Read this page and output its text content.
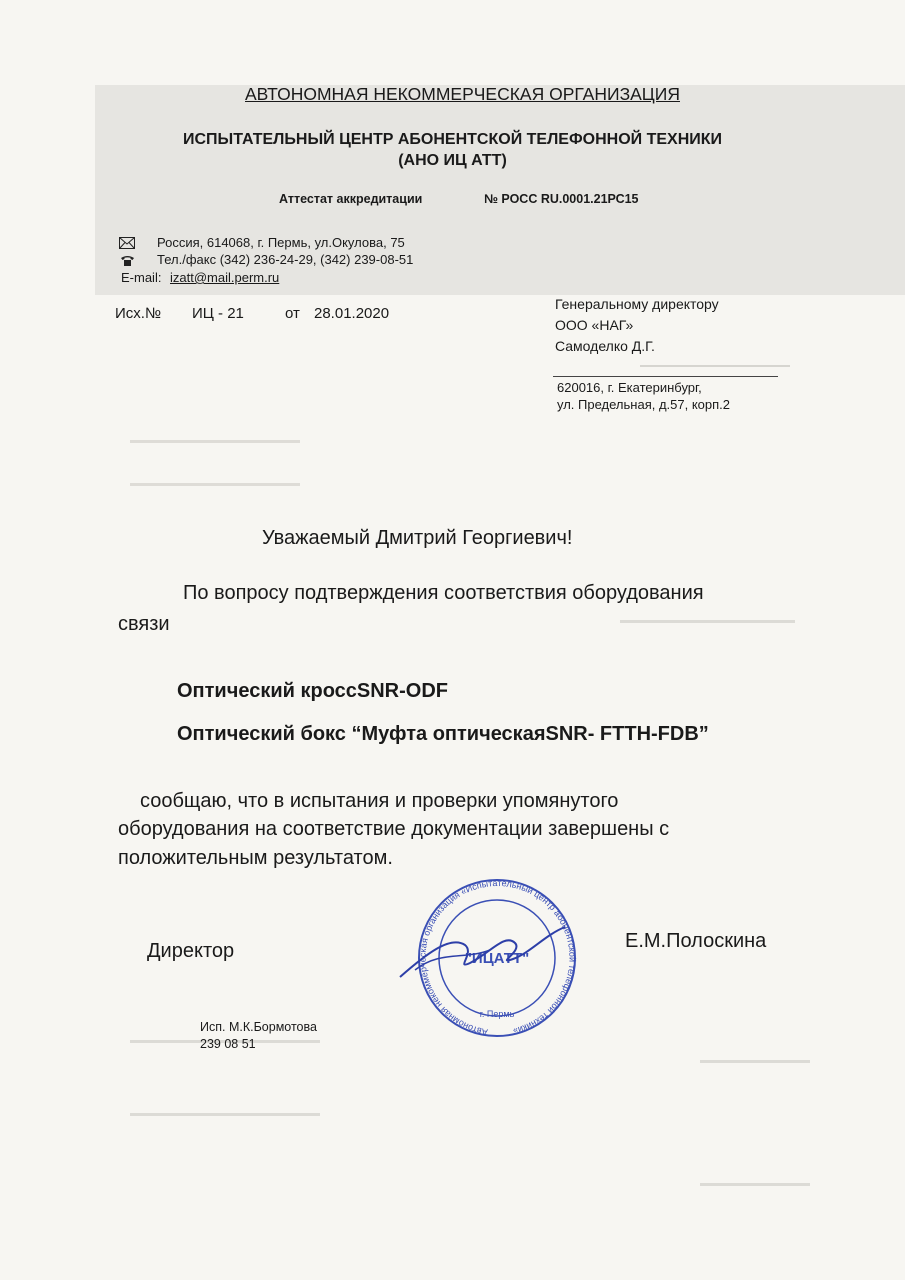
АВТОНОМНАЯ НЕКОММЕРЧЕСКАЯ ОРГАНИЗАЦИЯ
ИСПЫТАТЕЛЬНЫЙ ЦЕНТР АБОНЕНТСКОЙ ТЕЛЕФОННОЙ ТЕХНИКИ
(АНО ИЦ АТТ)
Аттестат аккредитации	№ РОСС RU.0001.21РС15
Россия, 614068, г. Пермь, ул.Окулова, 75
Тел./факс (342) 236-24-29, (342) 239-08-51
E-mail: izatt@mail.perm.ru
Исх.№ ИЦ - 21	от 28.01.2020
Генеральному директору
ООО «НАГ»
Самоделко Д.Г.
620016, г. Екатеринбург,
ул. Предельная, д.57, корп.2
Уважаемый Дмитрий Георгиевич!
По вопросу подтверждения соответствия оборудования
связи
Оптический кроссSNR-ODF
Оптический бокс “Муфта оптическаяSNR- FTTH-FDB”
сообщаю, что в испытания и проверки упомянутого
оборудования на соответствие документации завершены с
положительным результатом.
Директор	Е.М.Полоскина
Автономная некоммерческая организация «Испытательный центр абонентской телефонной техники»
"ИЦАТТ"
г. Пермь
Исп. М.К.Бормотова
239 08 51
